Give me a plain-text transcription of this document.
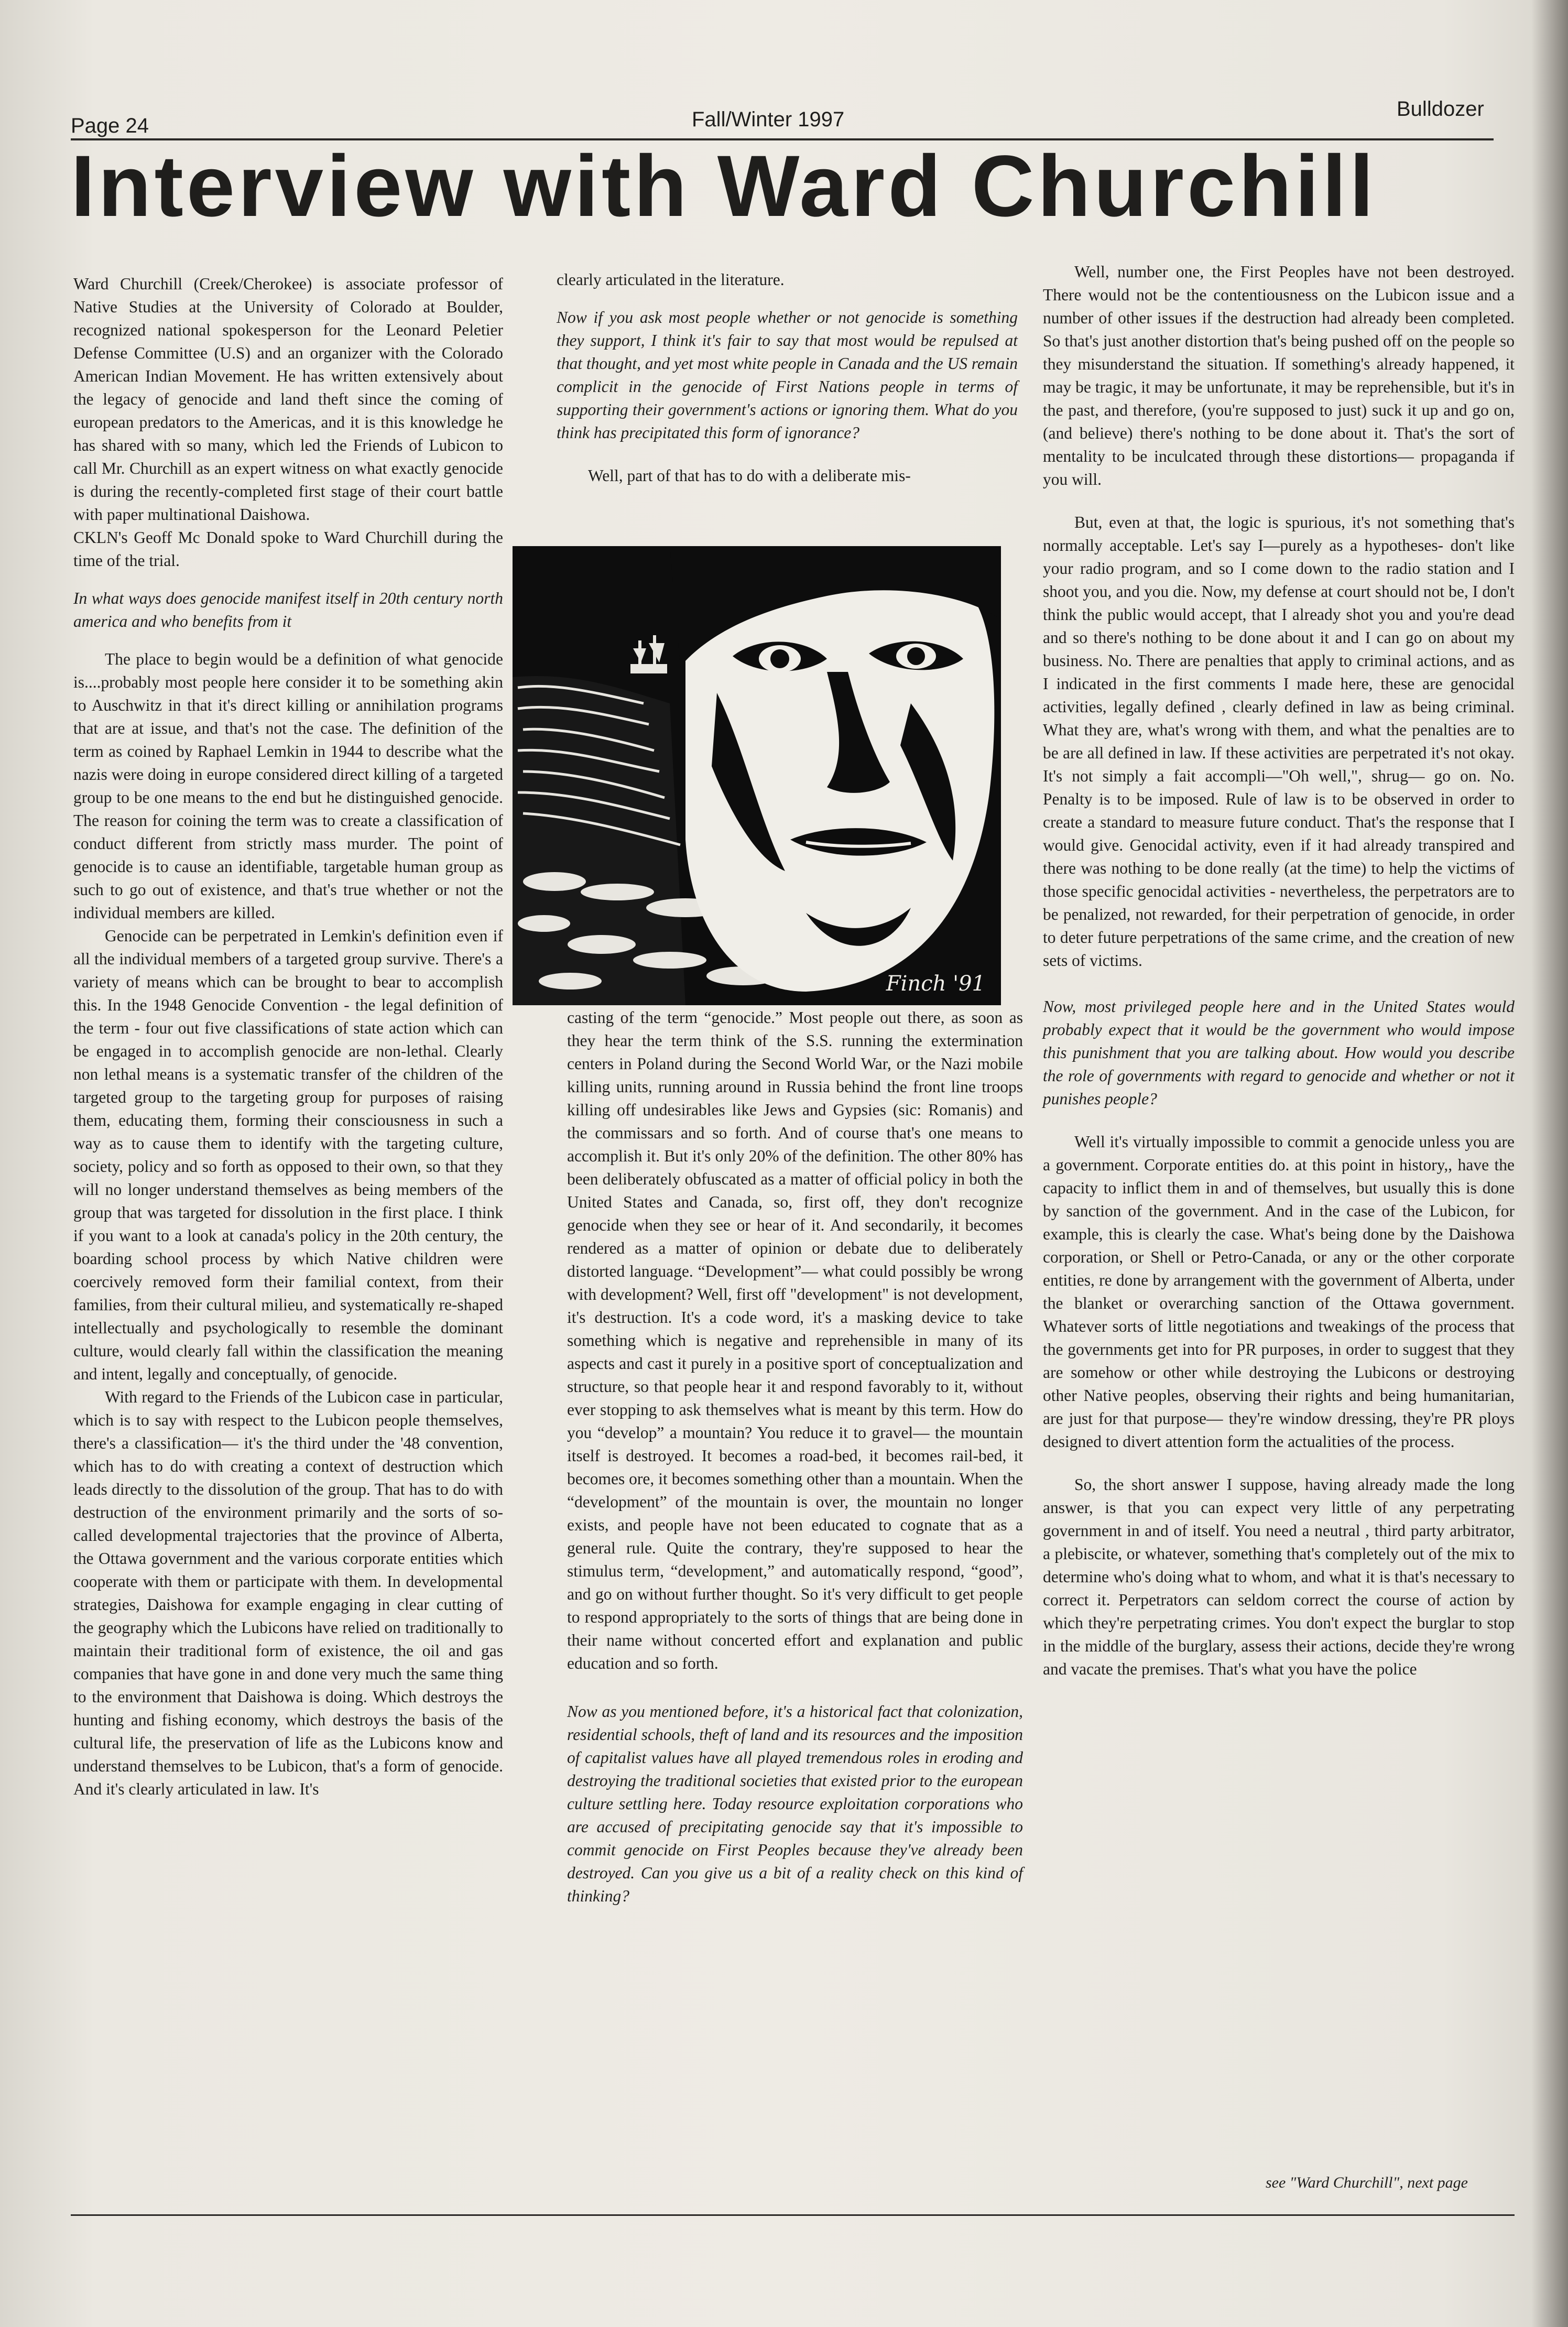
Page 24	Fall/Winter 1997	Bulldozer
Interview with Ward Churchill

Ward Churchill (Creek/Cherokee) is associate professor of Native Studies at the University of Colorado at Boulder, recognized national spokesperson for the Leonard Peletier Defense Committee (U.S) and an organizer with the Colorado American Indian Movement. He has written extensively about the legacy of genocide and land theft since the coming of european predators to the Americas, and it is this knowledge he has shared with so many, which led the Friends of Lubicon to call Mr. Churchill as an expert witness on what exactly genocide is during the recently-completed first stage of their court battle with paper multinational Daishowa.

CKLN's Geoff Mc Donald spoke to Ward Churchill during the time of the trial.

In what ways does genocide manifest itself in 20th century north america and who benefits from it

The place to begin would be a definition of what genocide is....probably most people here consider it to be something akin to Auschwitz in that it's direct killing or annihilation programs that are at issue, and that's not the case. The definition of the term as coined by Raphael Lemkin in 1944 to describe what the nazis were doing in europe considered direct killing of a targeted group to be one means to the end but he distinguished genocide. The reason for coining the term was to create a classification of conduct different from strictly mass murder. The point of genocide is to cause an identifiable, targetable human group as such to go out of existence, and that's true whether or not the individual members are killed.

Genocide can be perpetrated in Lemkin's definition even if all the individual members of a targeted group survive. There's a variety of means which can be brought to bear to accomplish this. In the 1948 Genocide Convention - the legal definition of the term - four out five classifications of state action which can be engaged in to accomplish genocide are non-lethal. Clearly non lethal means is a systematic transfer of the children of the targeted group to the targeting group for purposes of raising them, educating them, forming their consciousness in such a way as to cause them to identify with the targeting culture, society, policy and so forth as opposed to their own, so that they will no longer understand themselves as being members of the group that was targeted for dissolution in the first place. I think if you want to a look at canada's policy in the 20th century, the boarding school process by which Native children were coercively removed form their familial context, from their families, from their cultural milieu, and systematically re-shaped intellectually and psychologically to resemble the dominant culture, would clearly fall within the classification the meaning and intent, legally and conceptually, of genocide.

With regard to the Friends of the Lubicon case in particular, which is to say with respect to the Lubicon people themselves, there's a classification— it's the third under the '48 convention, which has to do with creating a context of destruction which leads directly to the dissolution of the group. That has to do with destruction of the environment primarily and the sorts of so-called developmental trajectories that the province of Alberta, the Ottawa government and the various corporate entities which cooperate with them or participate with them. In developmental strategies, Daishowa for example engaging in clear cutting of the geography which the Lubicons have relied on traditionally to maintain their traditional form of existence, the oil and gas companies that have gone in and done very much the same thing to the environment that Daishowa is doing. Which destroys the hunting and fishing economy, which destroys the basis of the cultural life, the preservation of life as the Lubicons know and understand themselves to be Lubicon, that's a form of genocide. And it's clearly articulated in law. It's

clearly articulated in the literature.

Now if you ask most people whether or not genocide is something they support, I think it's fair to say that most would be repulsed at that thought, and yet most white people in Canada and the US remain complicit in the genocide of First Nations people in terms of supporting their government's actions or ignoring them. What do you think has precipitated this form of ignorance?

Well, part of that has to do with a deliberate mis-

Finch '91

casting of the term “genocide.” Most people out there, as soon as they hear the term think of the S.S. running the extermination centers in Poland during the Second World War, or the Nazi mobile killing units, running around in Russia behind the front line troops killing off undesirables like Jews and Gypsies (sic: Romanis) and the commissars and so forth. And of course that's one means to accomplish it. But it's only 20% of the definition. The other 80% has been deliberately obfuscated as a matter of official policy in both the United States and Canada, so, first off, they don't recognize genocide when they see or hear of it. And secondarily, it becomes rendered as a matter of opinion or debate due to deliberately distorted language. “Development”— what could possibly be wrong with development? Well, first off "development" is not development, it's destruction. It's a code word, it's a masking device to take something which is negative and reprehensible in many of its aspects and cast it purely in a positive sport of conceptualization and structure, so that people hear it and respond favorably to it, without ever stopping to ask themselves what is meant by this term. How do you “develop” a mountain? You reduce it to gravel— the mountain itself is destroyed. It becomes a road-bed, it becomes rail-bed, it becomes ore, it becomes something other than a mountain. When the “development” of the mountain is over, the mountain no longer exists, and people have not been educated to cognate that as a general rule. Quite the contrary, they're supposed to hear the stimulus term, “development,” and automatically respond, “good”, and go on without further thought. So it's very difficult to get people to respond appropriately to the sorts of things that are being done in their name without concerted effort and explanation and public education and so forth.

Now as you mentioned before, it's a historical fact that colonization, residential schools, theft of land and its resources and the imposition of capitalist values have all played tremendous roles in eroding and destroying the traditional societies that existed prior to the european culture settling here. Today resource exploitation corporations who are accused of precipitating genocide say that it's impossible to commit genocide on First Peoples because they've already been destroyed. Can you give us a bit of a reality check on this kind of thinking?

Well, number one, the First Peoples have not been destroyed. There would not be the contentiousness on the Lubicon issue and a number of other issues if the destruction had already been completed. So that's just another distortion that's being pushed off on the people so they misunderstand the situation. If something's already happened, it may be tragic, it may be unfortunate, it may be reprehensible, but it's in the past, and therefore, (you're supposed to just) suck it up and go on, (and believe) there's nothing to be done about it. That's the sort of mentality to be inculcated through these distortions— propaganda if you will.

But, even at that, the logic is spurious, it's not something that's normally acceptable. Let's say I—purely as a hypotheses- don't like your radio program, and so I come down to the radio station and I shoot you, and you die. Now, my defense at court should not be, I don't think the public would accept, that I already shot you and you're dead and so there's nothing to be done about it and I can go on about my business. No. There are penalties that apply to criminal actions, and as I indicated in the first comments I made here, these are genocidal activities, legally defined , clearly defined in law as being criminal. What they are, what's wrong with them, and what the penalties are to be are all defined in law. If these activities are perpetrated it's not okay. It's not simply a fait accompli—"Oh well,", shrug— go on. No. Penalty is to be imposed. Rule of law is to be observed in order to create a standard to measure future conduct. That's the response that I would give. Genocidal activity, even if it had already transpired and there was nothing to be done really (at the time) to help the victims of those specific genocidal activities - nevertheless, the perpetrators are to be penalized, not rewarded, for their perpetration of genocide, in order to deter future perpetrations of the same crime, and the creation of new sets of victims.

Now, most privileged people here and in the United States would probably expect that it would be the government who would impose this punishment that you are talking about. How would you describe the role of governments with regard to genocide and whether or not it punishes people?

Well it's virtually impossible to commit a genocide unless you are a government. Corporate entities do. at this point in history,, have the capacity to inflict them in and of themselves, but usually this is done by sanction of the government. And in the case of the Lubicon, for example, this is clearly the case. What's being done by the Daishowa corporation, or Shell or Petro-Canada, or any or the other corporate entities, re done by arrangement with the government of Alberta, under the blanket or overarching sanction of the Ottawa government. Whatever sorts of little negotiations and tweakings of the process that the governments get into for PR purposes, in order to suggest that they are somehow or other while destroying the Lubicons or destroying other Native peoples, observing their rights and being humanitarian, are just for that purpose— they're window dressing, they're PR ploys designed to divert attention form the actualities of the process.

So, the short answer I suppose, having already made the long answer, is that you can expect very little of any perpetrating government in and of itself. You need a neutral , third party arbitrator, a plebiscite, or whatever, something that's completely out of the mix to determine who's doing what to whom, and what it is that's necessary to correct it. Perpetrators can seldom correct the course of action by which they're perpetrating crimes. You don't expect the burglar to stop in the middle of the burglary, assess their actions, decide they're wrong and vacate the premises. That's what you have the police

see "Ward Churchill", next page
